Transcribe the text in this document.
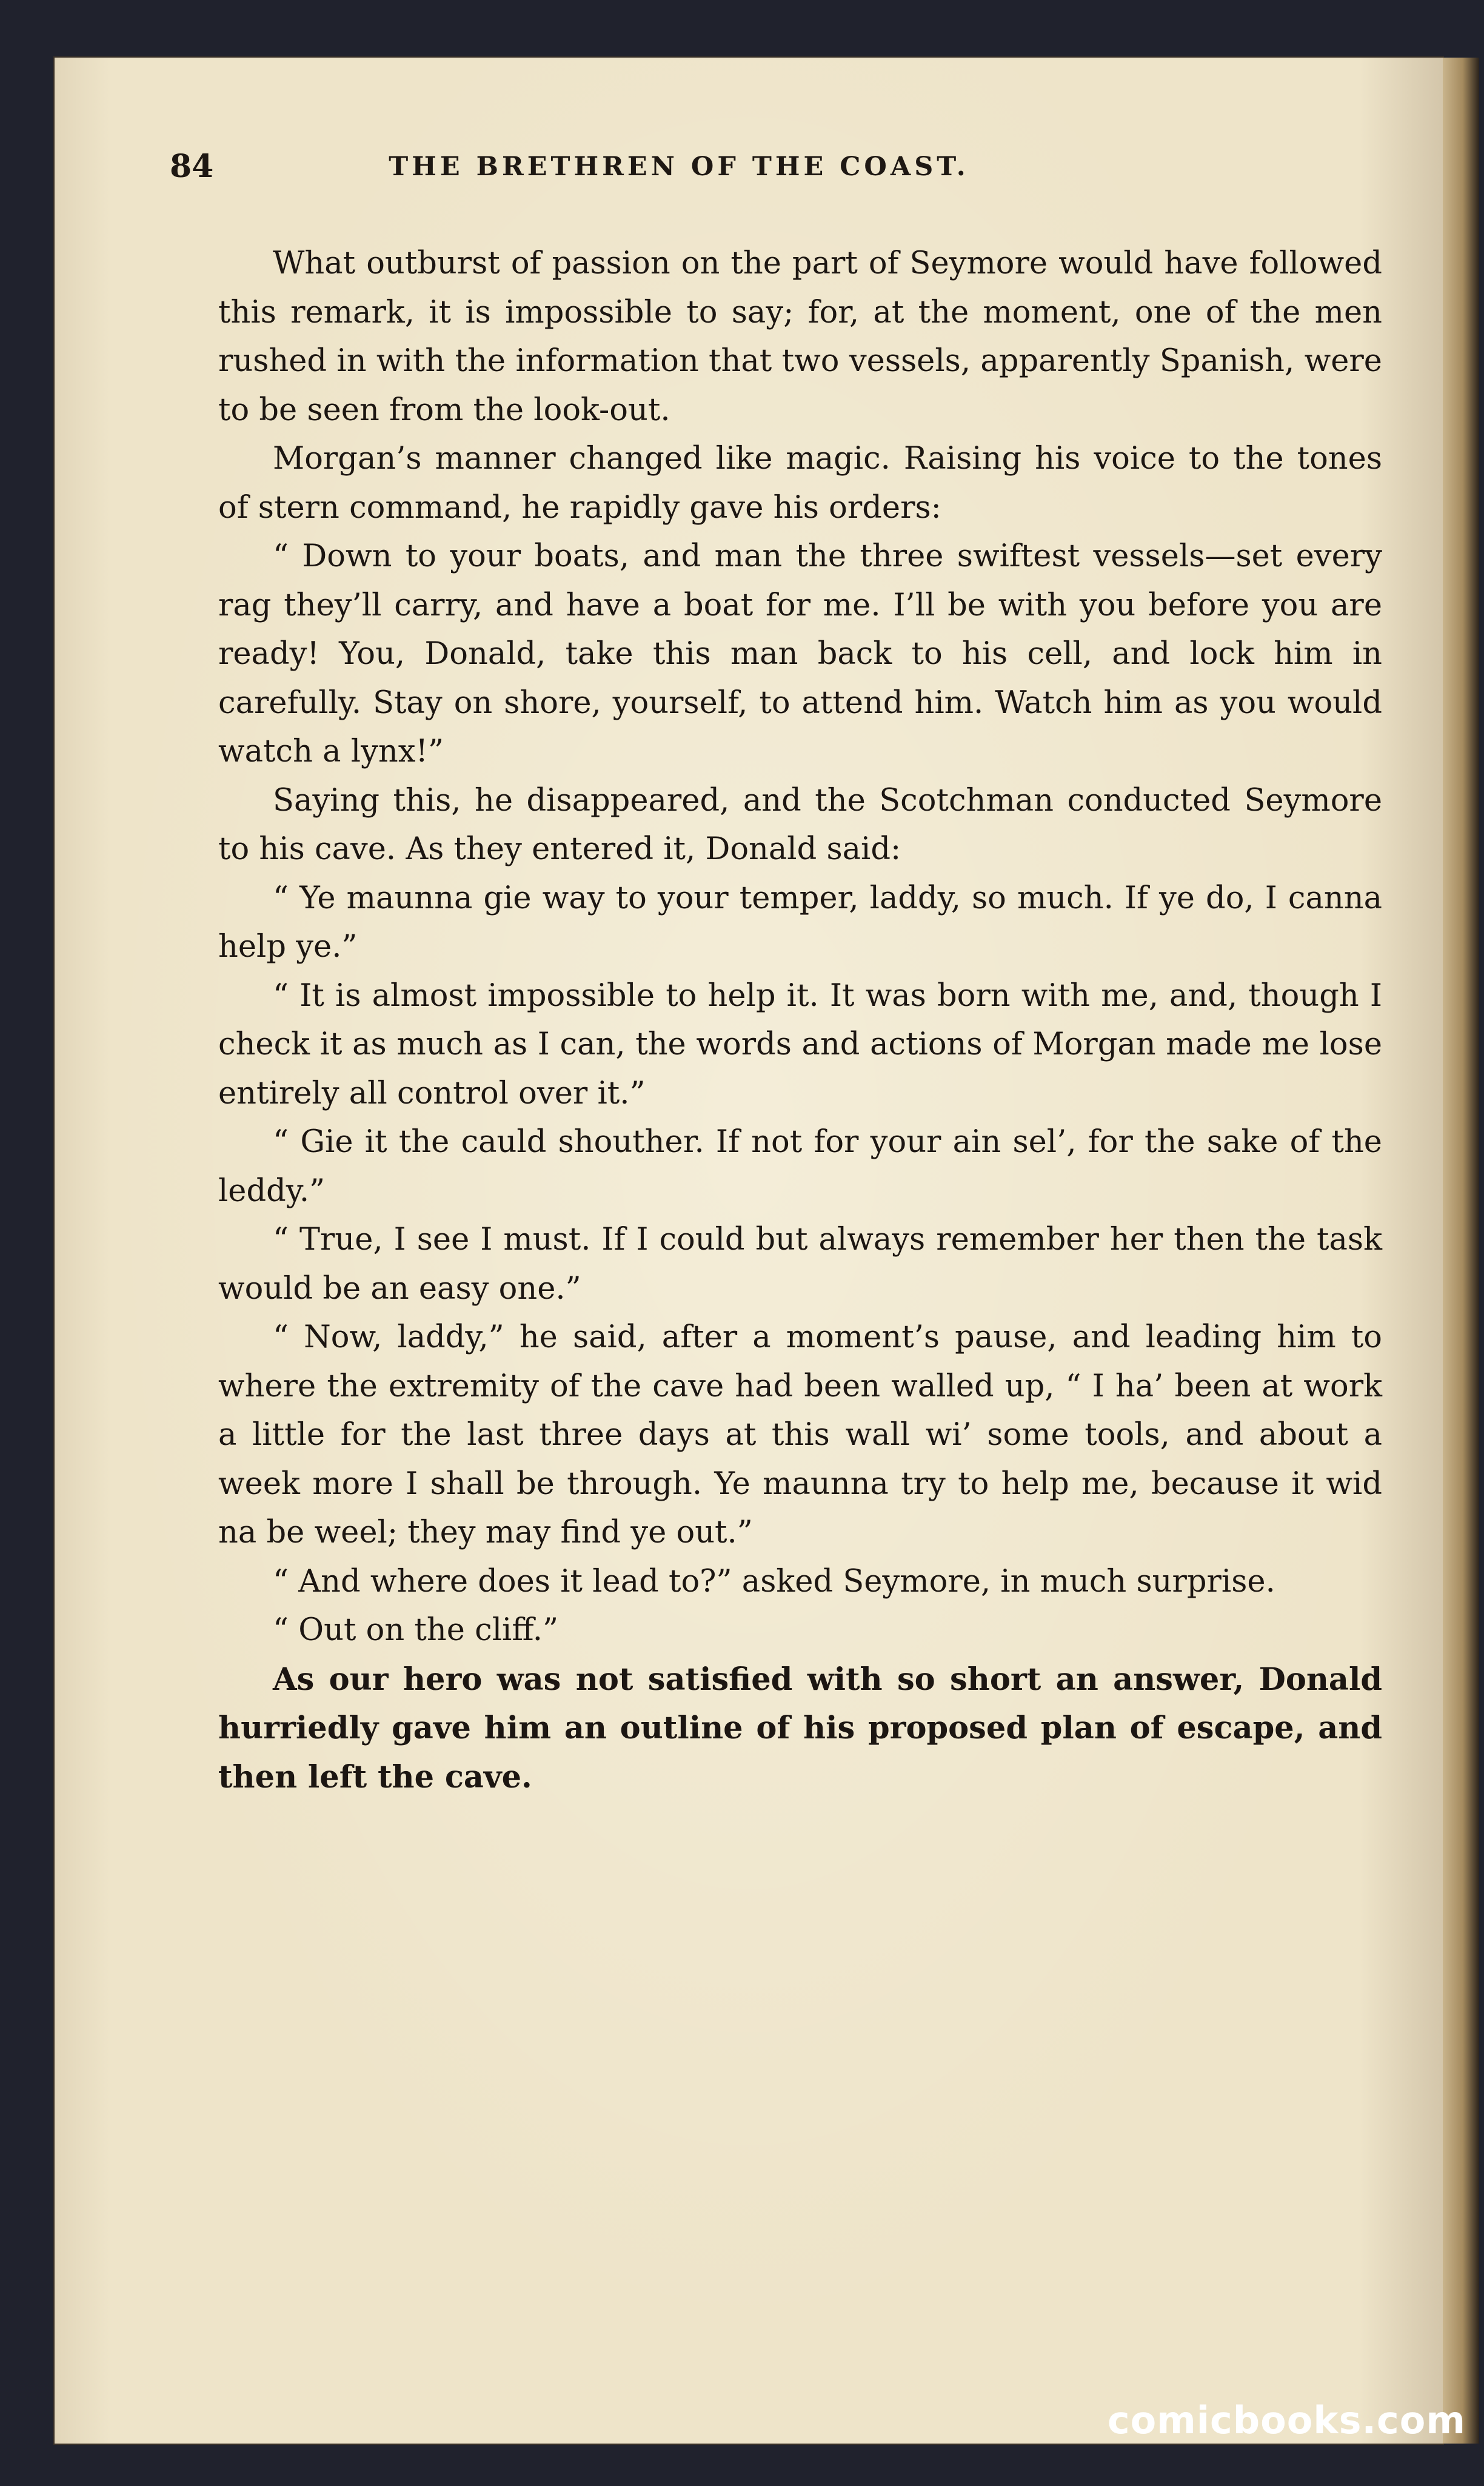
84	THE BRETHREN OF THE COAST.

What outburst of passion on the part of Seymore would have followed this remark, it is impossible to say; for, at the moment, one of the men rushed in with the information that two vessels, apparently Spanish, were to be seen from the look-out.

Morgan’s manner changed like magic. Raising his voice to the tones of stern command, he rapidly gave his orders:

“ Down to your boats, and man the three swiftest vessels—set every rag they’ll carry, and have a boat for me. I’ll be with you before you are ready! You, Donald, take this man back to his cell, and lock him in carefully. Stay on shore, yourself, to attend him. Watch him as you would watch a lynx!”

Saying this, he disappeared, and the Scotchman conducted Seymore to his cave. As they entered it, Donald said:

“ Ye maunna gie way to your temper, laddy, so much. If ye do, I canna help ye.”

“ It is almost impossible to help it. It was born with me, and, though I check it as much as I can, the words and actions of Morgan made me lose entirely all control over it.”

“ Gie it the cauld shouther. If not for your ain sel’, for the sake of the leddy.”

“ True, I see I must. If I could but always remember her then the task would be an easy one.”

“ Now, laddy,” he said, after a moment’s pause, and leading him to where the extremity of the cave had been walled up, “ I ha’ been at work a little for the last three days at this wall wi’ some tools, and about a week more I shall be through. Ye maunna try to help me, because it wid na be weel; they may find ye out.”

“ And where does it lead to?” asked Seymore, in much surprise.

“ Out on the cliff.”

As our hero was not satisfied with so short an answer, Donald hurriedly gave him an outline of his proposed plan of escape, and then left the cave.

comicbooks.com
